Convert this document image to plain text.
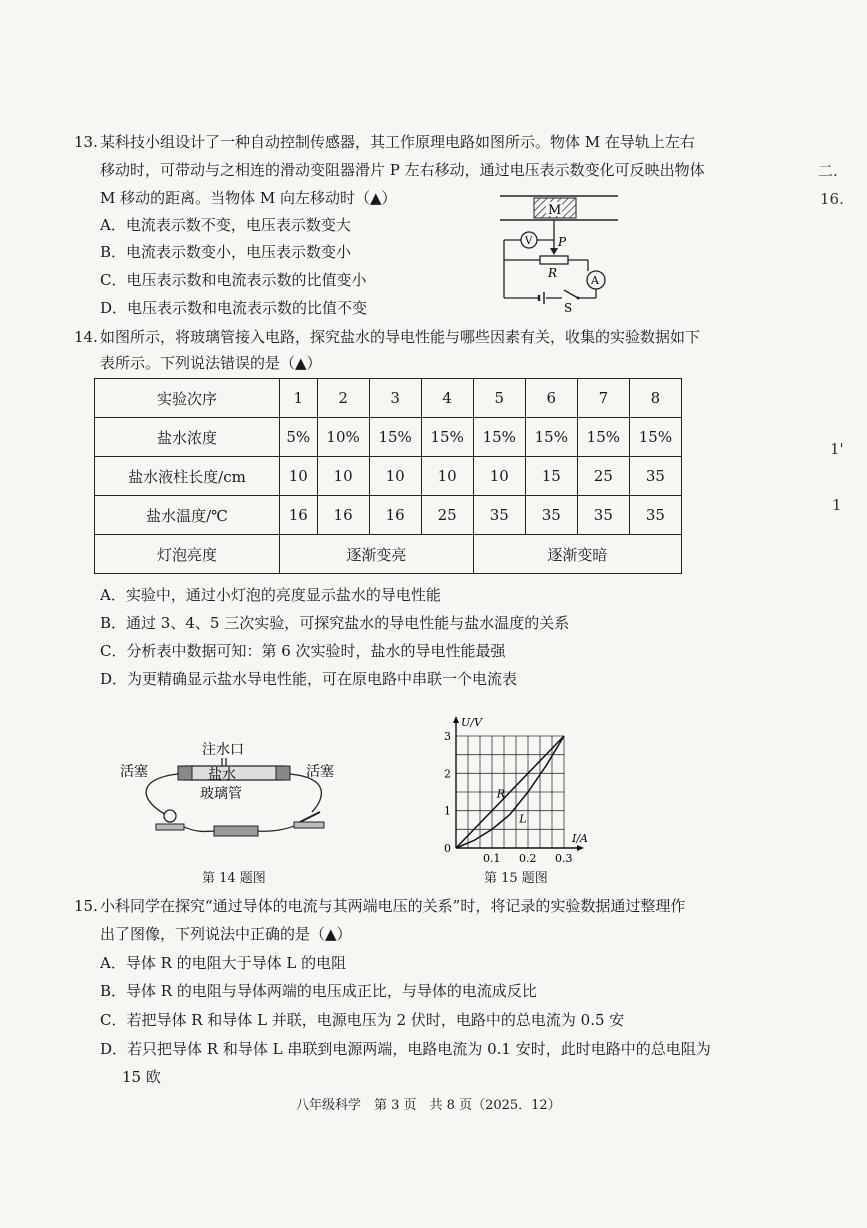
二.
16.
1'
1
13. 某科技小组设计了一种自动控制传感器，其工作原理电路如图所示。物体 M 在导轨上左右
移动时，可带动与之相连的滑动变阻器滑片 P 左右移动，通过电压表示数变化可反映出物体
M 移动的距离。当物体 M 向左移动时（▲）
A．电流表示数不变，电压表示数变大
B．电流表示数变小，电压表示数变小
C．电压表示数和电流表示数的比值变小
D．电压表示数和电流表示数的比值不变
M
P
V
R
A
S
14. 如图所示，将玻璃管接入电路，探究盐水的导电性能与哪些因素有关，收集的实验数据如下
表所示。下列说法错误的是（▲）
实验次序	1	2	3	4	5	6	7	8
盐水浓度	5%	10%	15%	15%	15%	15%	15%	15%
盐水液柱长度/cm	10	10	10	10	10	15	25	35
盐水温度/℃	16	16	16	25	35	35	35	35
灯泡亮度	逐渐变亮				逐渐变暗			
A．实验中，通过小灯泡的亮度显示盐水的导电性能
B．通过 3、4、5 三次实验，可探究盐水的导电性能与盐水温度的关系
C．分析表中数据可知：第 6 次实验时，盐水的导电性能最强
D．为更精确显示盐水导电性能，可在原电路中串联一个电流表
注水口
活塞	活塞
盐水
玻璃管
-
第 14 题图
U/V
I/A
0
0.1 0.2 0.3
1
2
3
R
L
第 15 题图
15. 小科同学在探究“通过导体的电流与其两端电压的关系”时，将记录的实验数据通过整理作
出了图像，下列说法中正确的是（▲）
A．导体 R 的电阻大于导体 L 的电阻
B．导体 R 的电阻与导体两端的电压成正比，与导体的电流成反比
C．若把导体 R 和导体 L 并联，电源电压为 2 伏时，电路中的总电流为 0.5 安
D．若只把导体 R 和导体 L 串联到电源两端，电路电流为 0.1 安时，此时电路中的总电阻为
15 欧
八年级科学　第 3 页　共 8 页（2025．12）
